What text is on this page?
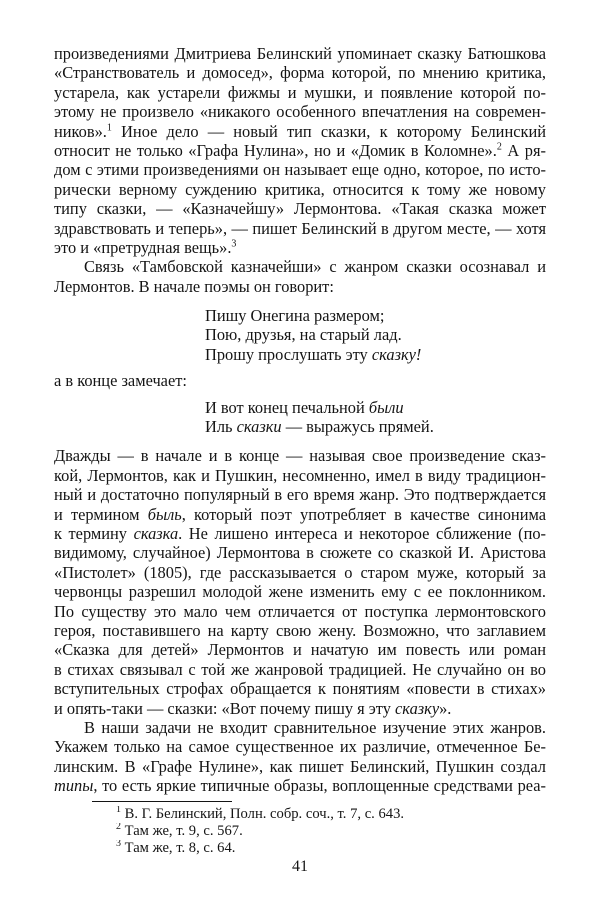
произведениями Дмитриева Белинский упоминает сказку Батюшкова
«Странствователь и домосед», форма которой, по мнению критика,
устарела, как устарели фижмы и мушки, и появление которой по-
этому не произвело «никакого особенного впечатления на современ-
ников».$^1$ Иное дело — новый тип сказки, к которому Белинский
относит не только «Графа Нулина», но и «Домик в Коломне».$^2$ А ря-
дом с этими произведениями он называет еще одно, которое, по исто-
рически верному суждению критика, относится к тому же новому
типу сказки, — «Казначейшу» Лермонтова. «Такая сказка может
здравствовать и теперь», — пишет Белинский в другом месте, — хотя
это и «претрудная вещь».$^3$
Связь «Тамбовской казначейши» с жанром сказки осознавал и
Лермонтов. В начале поэмы он говорит:
Пишу Онегина размером;
Пою, друзья, на старый лад.
Прошу прослушать эту сказку!
а в конце замечает:
И вот конец печальной были
Иль сказки — выражусь прямей.
Дважды — в начале и в конце — называя свое произведение сказ-
кой, Лермонтов, как и Пушкин, несомненно, имел в виду традицион-
ный и достаточно популярный в его время жанр. Это подтверждается
и термином быль, который поэт употребляет в качестве синонима
к термину сказка. Не лишено интереса и некоторое сближение (по-
видимому, случайное) Лермонтова в сюжете со сказкой И. Аристова
«Пистолет» (1805), где рассказывается о старом муже, который за
червонцы разрешил молодой жене изменить ему с ее поклонником.
По существу это мало чем отличается от поступка лермонтовского
героя, поставившего на карту свою жену. Возможно, что заглавием
«Сказка для детей» Лермонтов и начатую им повесть или роман
в стихах связывал с той же жанровой традицией. Не случайно он во
вступительных строфах обращается к понятиям «повести в стихах»
и опять-таки — сказки: «Вот почему пишу я эту сказку».
В наши задачи не входит сравнительное изучение этих жанров.
Укажем только на самое существенное их различие, отмеченное Бе-
линским. В «Графе Нулине», как пишет Белинский, Пушкин создал
типы, то есть яркие типичные образы, воплощенные средствами реа-
$^1$ В. Г. Белинский, Полн. собр. соч., т. 7, с. 643.
$^2$ Там же, т. 9, с. 567.
$^3$ Там же, т. 8, с. 64.
41
